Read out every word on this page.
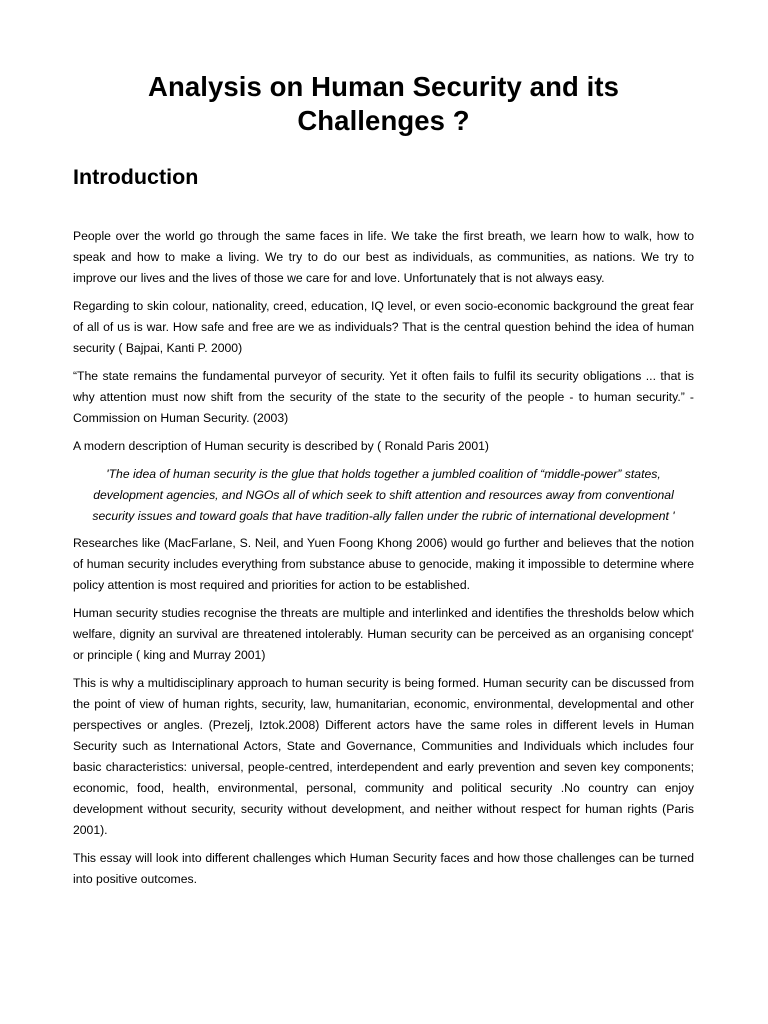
Analysis on Human Security and its Challenges ?
Introduction

People over the world go through the same faces in life. We take the first breath, we learn how to walk, how to speak and how to make a living. We try to do our best as individuals, as communities, as nations. We try to improve our lives and the lives of those we care for and love. Unfortunately that is not always easy.

Regarding to skin colour, nationality, creed, education, IQ level, or even socio-economic background the great fear of all of us is war. How safe and free are we as individuals? That is the central question behind the idea of human security ( Bajpai, Kanti P. 2000)

“The state remains the fundamental purveyor of security. Yet it often fails to fulfil its security obligations ... that is why attention must now shift from the security of the state to the security of the people - to human security.” - Commission on Human Security. (2003)

A modern description of Human security is described by ( Ronald Paris 2001)

'The idea of human security is the glue that holds together a jumbled coalition of “middle-power” states, development agencies, and NGOs all of which seek to shift attention and resources away from conventional security issues and toward goals that have tradition-ally fallen under the rubric of international development '

Researches like (MacFarlane, S. Neil, and Yuen Foong Khong 2006) would go further and believes that the notion of human security includes everything from substance abuse to genocide, making it impossible to determine where policy attention is most required and priorities for action to be established.

Human security studies recognise the threats are multiple and interlinked and identifies the thresholds below which welfare, dignity an survival are threatened intolerably. Human security can be perceived as an organising concept' or principle ( king and Murray 2001)

This is why a multidisciplinary approach to human security is being formed. Human security can be discussed from the point of view of human rights, security, law, humanitarian, economic, environmental, developmental and other perspectives or angles. (Prezelj, Iztok.2008) Different actors have the same roles in different levels in Human Security such as International Actors, State and Governance, Communities and Individuals which includes four basic characteristics: universal, people-centred, interdependent and early prevention and seven key components; economic, food, health, environmental, personal, community and political security .No country can enjoy development without security, security without development, and neither without respect for human rights (Paris 2001).

This essay will look into different challenges which Human Security faces and how those challenges can be turned into positive outcomes.
